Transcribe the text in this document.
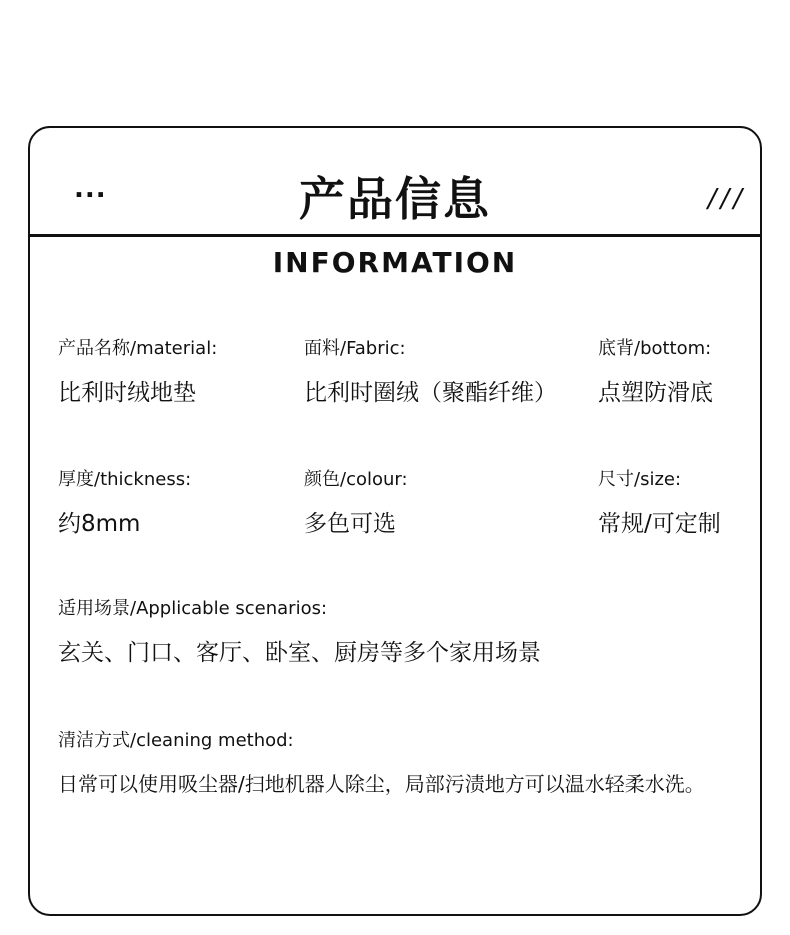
...	产品信息	///
INFORMATION
产品名称/material:
比利时绒地垫
面料/Fabric:
比利时圈绒（聚酯纤维）
底背/bottom:
点塑防滑底
厚度/thickness:
约8mm
颜色/colour:
多色可选
尺寸/size:
常规/可定制
适用场景/Applicable scenarios:
玄关、门口、客厅、卧室、厨房等多个家用场景
清洁方式/cleaning method:
日常可以使用吸尘器/扫地机器人除尘，局部污渍地方可以温水轻柔水洗。
